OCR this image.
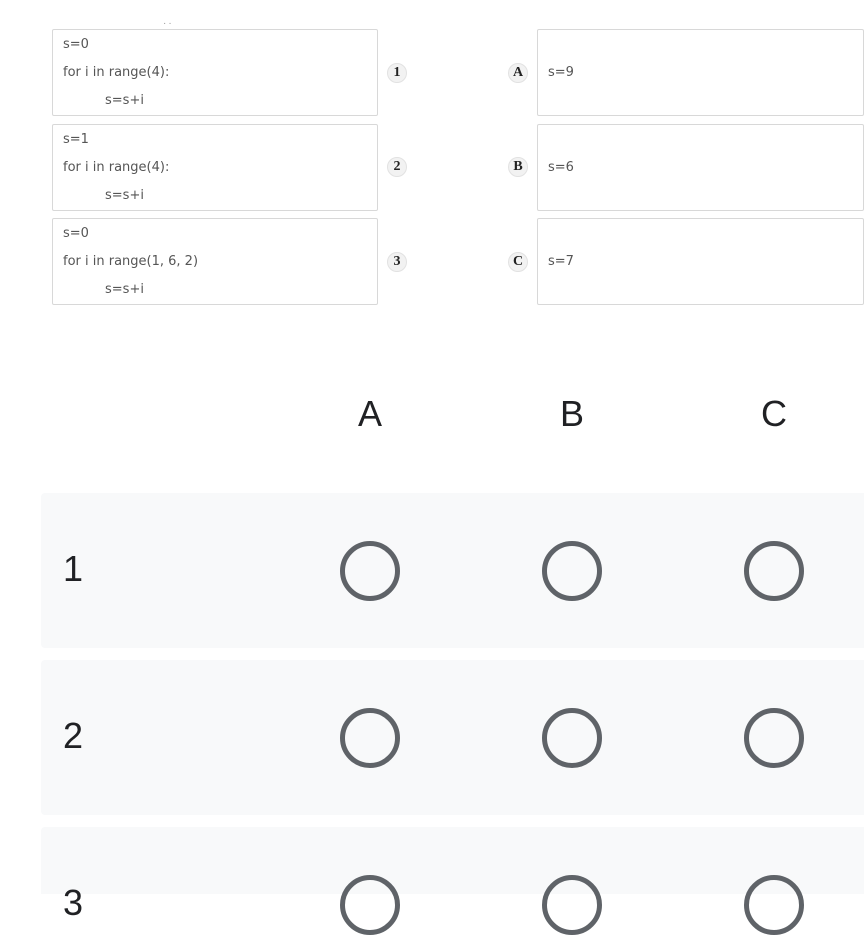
··
s=0
for i in range(4):
s=s+i
1
s=1
for i in range(4):
s=s+i
2
s=0
for i in range(1, 6, 2)
s=s+i
3
A	s=9
B	s=6
C	s=7
A	B	C
1
2
3
